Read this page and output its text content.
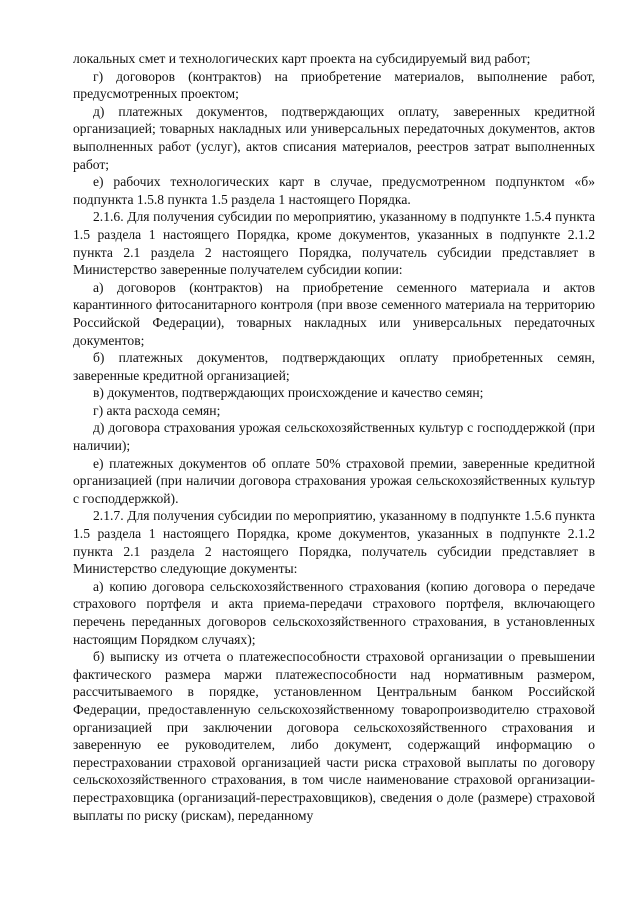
локальных смет и технологических карт проекта на субсидируемый вид работ;

г) договоров (контрактов) на приобретение материалов, выполнение работ, предусмотренных проектом;

д) платежных документов, подтверждающих оплату, заверенных кредитной организацией; товарных накладных или универсальных передаточных документов, актов выполненных работ (услуг), актов списания материалов, реестров затрат выполненных работ;

е) рабочих технологических карт в случае, предусмотренном подпунктом «б» подпункта 1.5.8 пункта 1.5 раздела 1 настоящего Порядка.

2.1.6. Для получения субсидии по мероприятию, указанному в подпункте 1.5.4 пункта 1.5 раздела 1 настоящего Порядка, кроме документов, указанных в подпункте 2.1.2 пункта 2.1 раздела 2 настоящего Порядка, получатель субсидии представляет в Министерство заверенные получателем субсидии копии:

а) договоров (контрактов) на приобретение семенного материала и актов карантинного фитосанитарного контроля (при ввозе семенного материала на территорию Российской Федерации), товарных накладных или универсальных передаточных документов;

б) платежных документов, подтверждающих оплату приобретенных семян, заверенные кредитной организацией;

в) документов, подтверждающих происхождение и качество семян;

г) акта расхода семян;

д) договора страхования урожая сельскохозяйственных культур с господдержкой (при наличии);

е) платежных документов об оплате 50% страховой премии, заверенные кредитной организацией (при наличии договора страхования урожая сельскохозяйственных культур с господдержкой).

2.1.7. Для получения субсидии по мероприятию, указанному в подпункте 1.5.6 пункта 1.5 раздела 1 настоящего Порядка, кроме документов, указанных в подпункте 2.1.2 пункта 2.1 раздела 2 настоящего Порядка, получатель субсидии представляет в Министерство следующие документы:

а) копию договора сельскохозяйственного страхования (копию договора о передаче страхового портфеля и акта приема-передачи страхового портфеля, включающего перечень переданных договоров сельскохозяйственного страхования, в установленных настоящим Порядком случаях);

б) выписку из отчета о платежеспособности страховой организации о превышении фактического размера маржи платежеспособности над нормативным размером, рассчитываемого в порядке, установленном Центральным банком Российской Федерации, предоставленную сельскохозяйственному товаропроизводителю страховой организацией при заключении договора сельскохозяйственного страхования и заверенную ее руководителем, либо документ, содержащий информацию о перестраховании страховой организацией части риска страховой выплаты по договору сельскохозяйственного страхования, в том числе наименование страховой организации-перестраховщика (организаций-перестраховщиков), сведения о доле (размере) страховой выплаты по риску (рискам), переданному
